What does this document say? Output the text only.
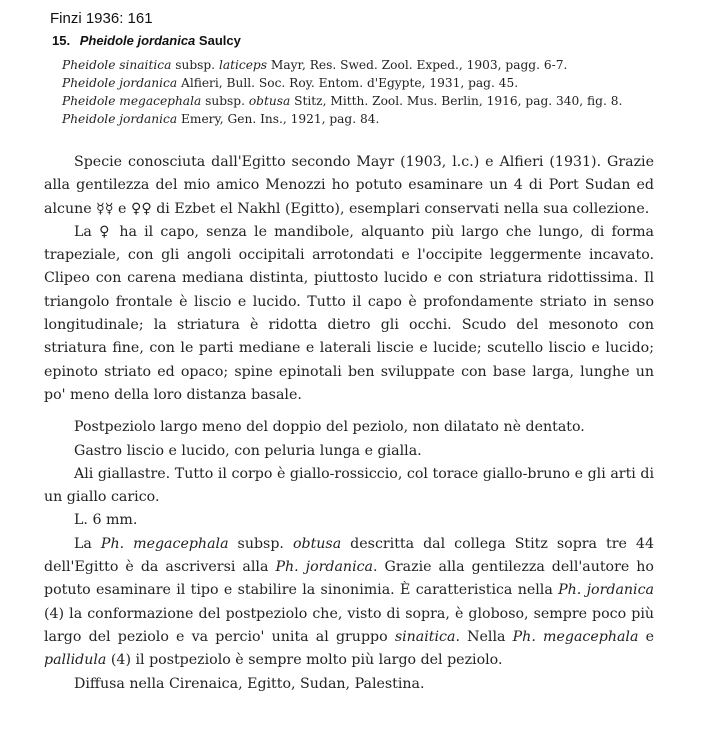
Finzi 1936: 161
15. Pheidole jordanica Saulcy
Pheidole sinaitica subsp. laticeps Mayr, Res. Swed. Zool. Exped., 1903, pagg. 6-7.
Pheidole jordanica Alfieri, Bull. Soc. Roy. Entom. d'Egypte, 1931, pag. 45.
Pheidole megacephala subsp. obtusa Stitz, Mitth. Zool. Mus. Berlin, 1916, pag. 340, fig. 8.
Pheidole jordanica Emery, Gen. Ins., 1921, pag. 84.

Specie conosciuta dall'Egitto secondo Mayr (1903, l.c.) e Alfieri (1931). Grazie alla gentilezza del mio amico Menozzi ho potuto esaminare un 4 di Port Sudan ed alcune ☿☿ e ♀♀ di Ezbet el Nakhl (Egitto), esemplari conservati nella sua collezione.

La ♀ ha il capo, senza le mandibole, alquanto più largo che lungo, di forma trapeziale, con gli angoli occipitali arrotondati e l'occipite leggermente incavato. Clipeo con carena mediana distinta, piuttosto lucido e con striatura ridottissima. Il triangolo frontale è liscio e lucido. Tutto il capo è profondamente striato in senso longitudinale; la striatura è ridotta dietro gli occhi. Scudo del mesonoto con striatura fine, con le parti mediane e laterali liscie e lucide; scutello liscio e lucido; epinoto striato ed opaco; spine epinotali ben sviluppate con base larga, lunghe un po' meno della loro distanza basale.

Postpeziolo largo meno del doppio del peziolo, non dilatato nè dentato.

Gastro liscio e lucido, con peluria lunga e gialla.

Ali giallastre. Tutto il corpo è giallo-rossiccio, col torace giallo-bruno e gli arti di un giallo carico.

L. 6 mm.

La Ph. megacephala subsp. obtusa descritta dal collega Stitz sopra tre 44 dell'Egitto è da ascriversi alla Ph. jordanica. Grazie alla gentilezza dell'autore ho potuto esaminare il tipo e stabilire la sinonimia. È caratteristica nella Ph. jordanica (4) la conformazione del postpeziolo che, visto di sopra, è globoso, sempre poco più largo del peziolo e va percio' unita al gruppo sinaitica. Nella Ph. megacephala e pallidula (4) il postpeziolo è sempre molto più largo del peziolo.

Diffusa nella Cirenaica, Egitto, Sudan, Palestina.
